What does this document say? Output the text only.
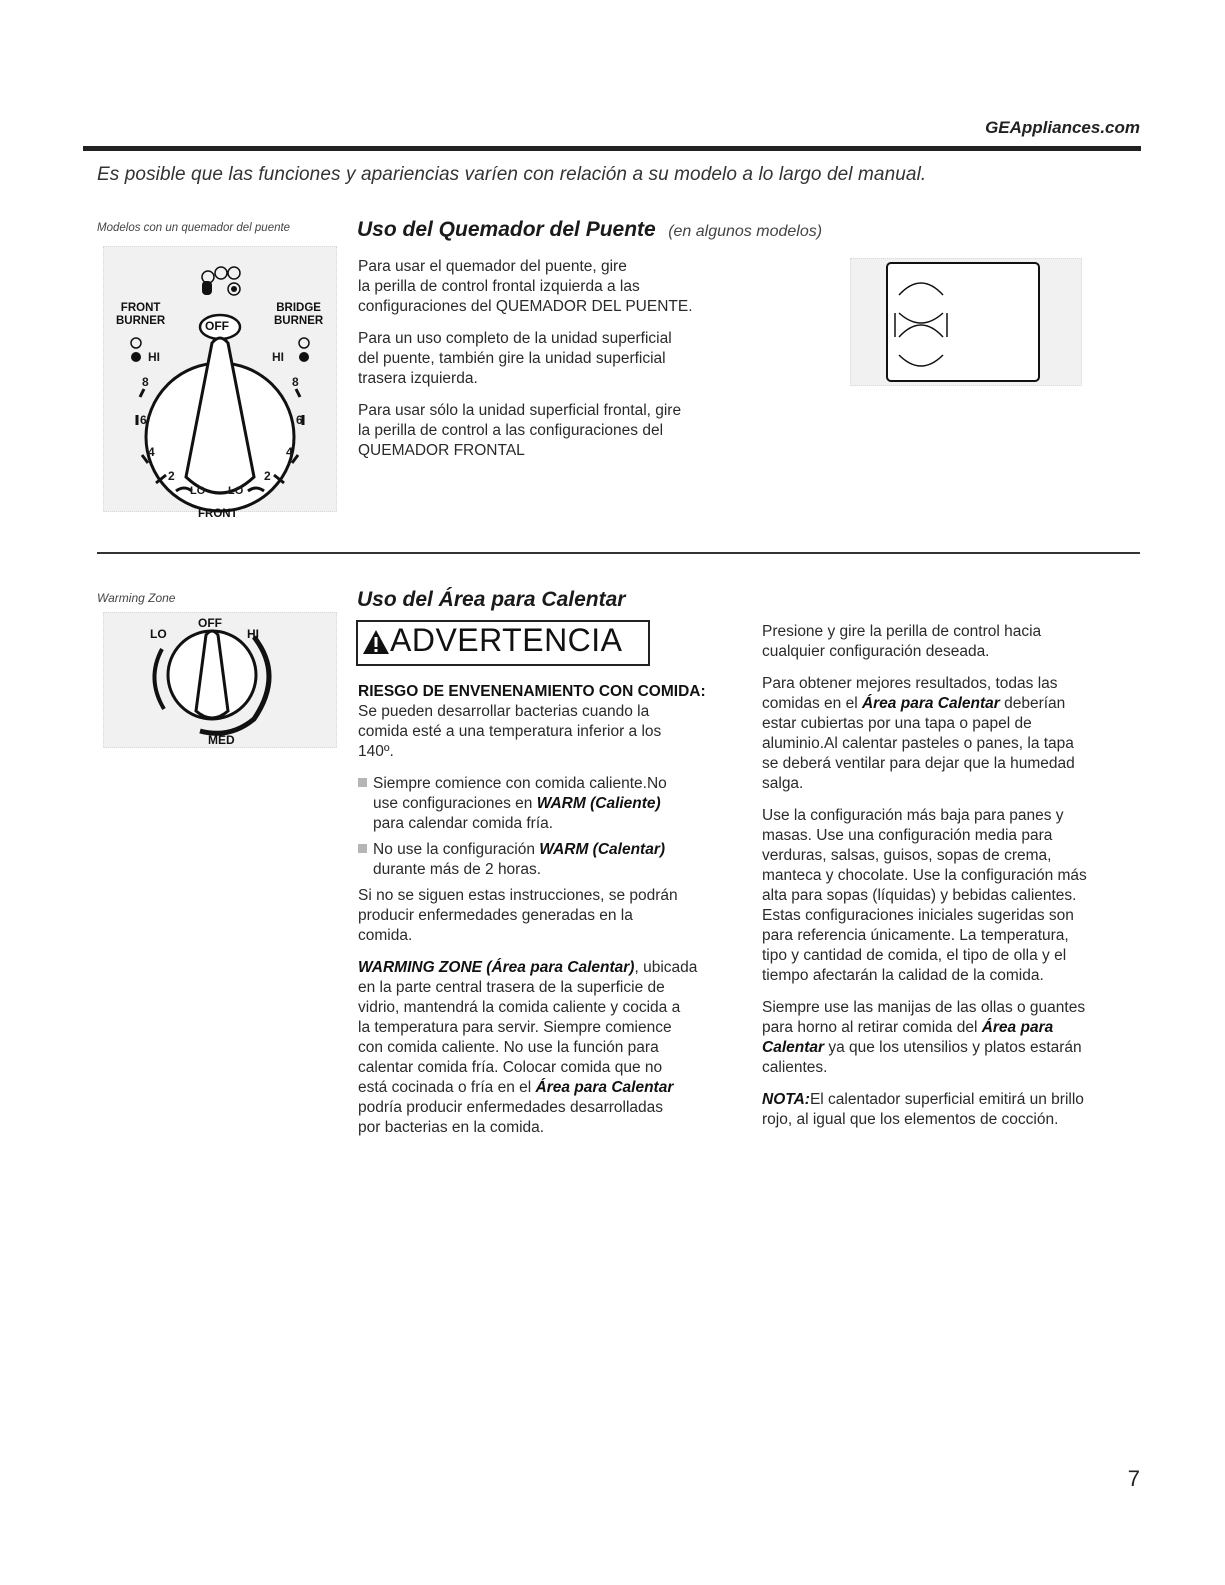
GEAppliances.com
Es posible que las funciones y apariencias varíen con relación a su modelo a lo largo del manual.
Modelos con un quemador del puente	Uso del Quemador del Puente (en algunos modelos)
FRONT
BURNER
BRIDGE
BURNER
OFF
HI	HI
8	8
6	6
4	4
2	2
LO LO
FRONT

Para usar el quemador del puente, gire
la perilla de control frontal izquierda a las
configuraciones del QUEMADOR DEL PUENTE.

Para un uso completo de la unidad superficial
del puente, también gire la unidad superficial
trasera izquierda.

Para usar sólo la unidad superficial frontal, gire
la perilla de control a las configuraciones del
QUEMADOR FRONTAL

Warming Zone	Uso del Área para Calentar
LO
OFF
HI
MED
ADVERTENCIA
RIESGO DE ENVENENAMIENTO CON COMIDA:

Se pueden desarrollar bacterias cuando la
comida esté a una temperatura inferior a los
140º.

Siempre comience con comida caliente.No
use configuraciones en WARM (Caliente)
para calendar comida fría.

No use la configuración WARM (Calentar)
durante más de 2 horas.

Si no se siguen estas instrucciones, se podrán
producir enfermedades generadas en la
comida.

WARMING ZONE (Área para Calentar), ubicada
en la parte central trasera de la superficie de
vidrio, mantendrá la comida caliente y cocida a
la temperatura para servir. Siempre comience
con comida caliente. No use la función para
calentar comida fría. Colocar comida que no
está cocinada o fría en el Área para Calentar
podría producir enfermedades desarrolladas
por bacterias en la comida.

Presione y gire la perilla de control hacia
cualquier configuración deseada.

Para obtener mejores resultados, todas las
comidas en el Área para Calentar deberían
estar cubiertas por una tapa o papel de
aluminio.Al calentar pasteles o panes, la tapa
se deberá ventilar para dejar que la humedad
salga.

Use la configuración más baja para panes y
masas. Use una configuración media para
verduras, salsas, guisos, sopas de crema,
manteca y chocolate. Use la configuración más
alta para sopas (líquidas) y bebidas calientes.
Estas configuraciones iniciales sugeridas son
para referencia únicamente. La temperatura,
tipo y cantidad de comida, el tipo de olla y el
tiempo afectarán la calidad de la comida.

Siempre use las manijas de las ollas o guantes
para horno al retirar comida del Área para
Calentar ya que los utensilios y platos estarán
calientes.

NOTA:El calentador superficial emitirá un brillo
rojo, al igual que los elementos de cocción.

7
